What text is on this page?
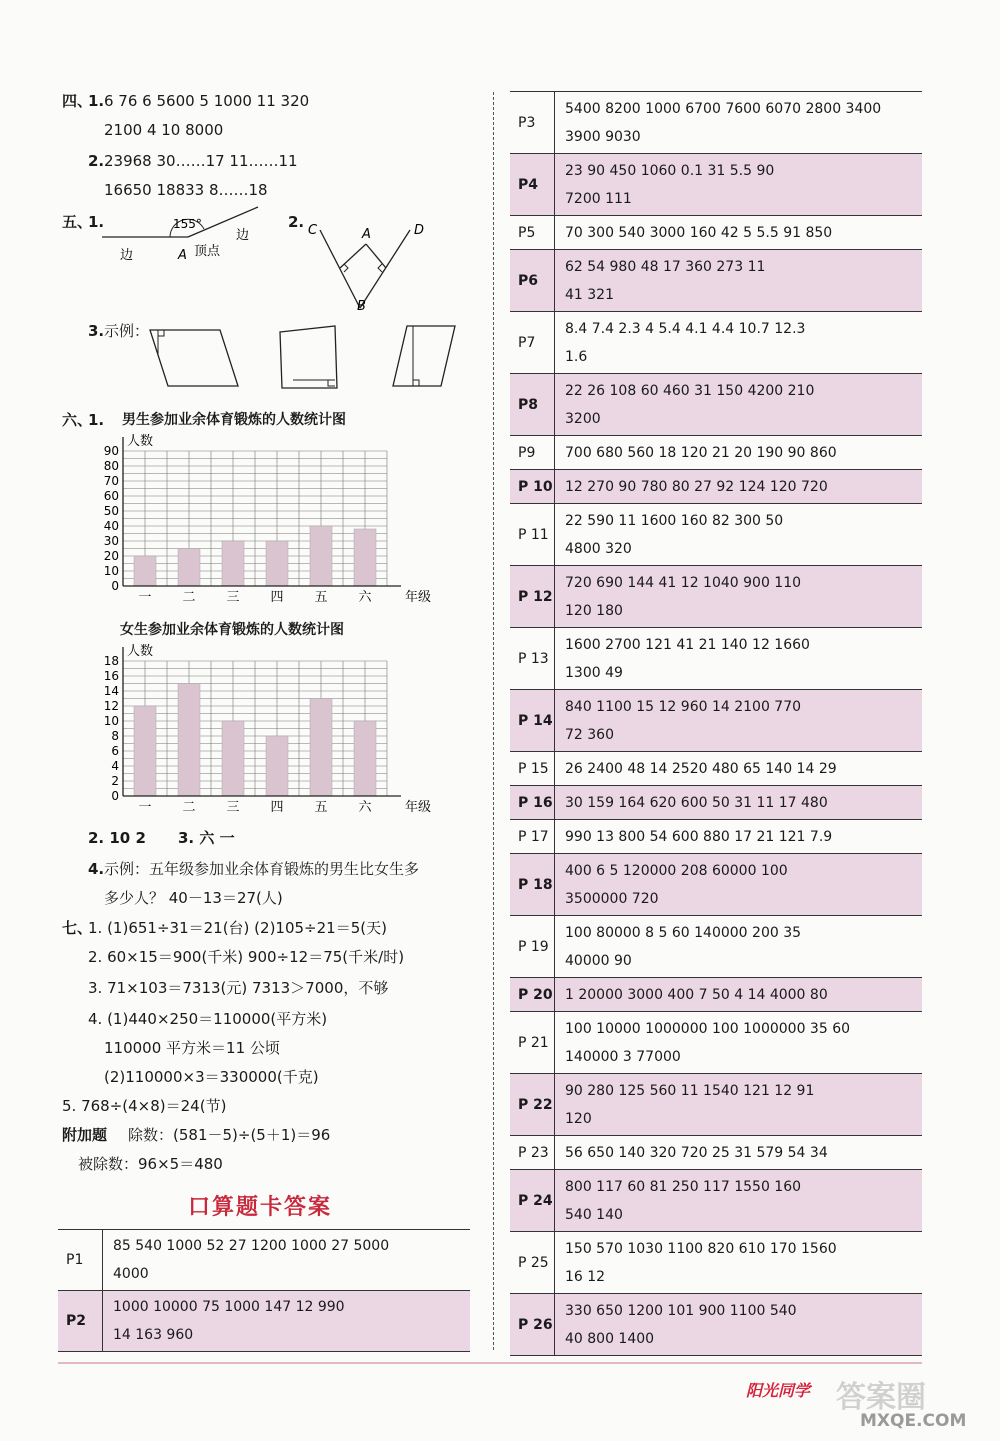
四、
1. 6 76 6 5600 5 1000 11 320
2100 4 10 8000
2. 23968 30……17 11……11
16650 18833 8……18
五、
1.	155°
边
边	A 顶点
2. C	A	D
B
3. 示例：
六、
1. 男生参加业余体育锻炼的人数统计图
0
10
20
30
40
50
60
70
80
90
一 二 三 四 五 六	年级
人数
女生参加业余体育锻炼的人数统计图
0
2
4
6
8
10
12
14
16
18
一 二 三 四 五 六	年级
人数
2. 10 2 3. 六 一
4. 示例：五年级参加业余体育锻炼的男生比女生多
多少人？ 40－13＝27(人)
七、
1. (1)651÷31＝21(台) (2)105÷21＝5(天)
2. 60×15＝900(千米) 900÷12＝75(千米/时)
3. 71×103＝7313(元) 7313＞7000，不够
4. (1)440×250＝110000(平方米)
110000 平方米＝11 公顷
(2)110000×3＝330000(千克)
5. 768÷(4×8)＝24(节)
附加题 除数：(581－5)÷(5＋1)＝96
被除数：96×5＝480
口算题卡答案
P1	85 540 1000 52 27 1200 1000 27 5000
4000

P2	1000 10000 75 1000 147 12 990
14 163 960
P3	5400 8200 1000 6700 7600 6070 2800 3400
3900 9030

P4	23 90 450 1060 0.1 31 5.5 90
7200 111

P5	70 300 540 3000 160 42 5 5.5 91 850

P6	62 54 980 48 17 360 273 11
41 321

P7	8.4 7.4 2.3 4 5.4 4.1 4.4 10.7 12.3
1.6

P8	22 26 108 60 460 31 150 4200 210
3200

P9	700 680 560 18 120 21 20 190 90 860

P 10	12 270 90 780 80 27 92 124 120 720

P 11	22 590 11 1600 160 82 300 50
4800 320

P 12	720 690 144 41 12 1040 900 110
120 180

P 13	1600 2700 121 41 21 140 12 1660
1300 49

P 14	840 1100 15 12 960 14 2100 770
72 360

P 15	26 2400 48 14 2520 480 65 140 14 29

P 16	30 159 164 620 600 50 31 11 17 480

P 17	990 13 800 54 600 880 17 21 121 7.9

P 18	400 6 5 120000 208 60000 100
3500000 720

P 19	100 80000 8 5 60 140000 200 35
40000 90

P 20	1 20000 3000 400 7 50 4 14 4000 80

P 21	100 10000 1000000 100 1000000 35 60
140000 3 77000

P 22	90 280 125 560 11 1540 121 12 91
120

P 23	56 650 140 320 720 25 31 579 54 34

P 24	800 117 60 81 250 117 1550 160
540 140

P 25	150 570 1030 1100 820 610 170 1560
16 12

P 26	330 650 1200 101 900 1100 540
40 800 1400
阳光同学 答案圈
MXQE.COM
